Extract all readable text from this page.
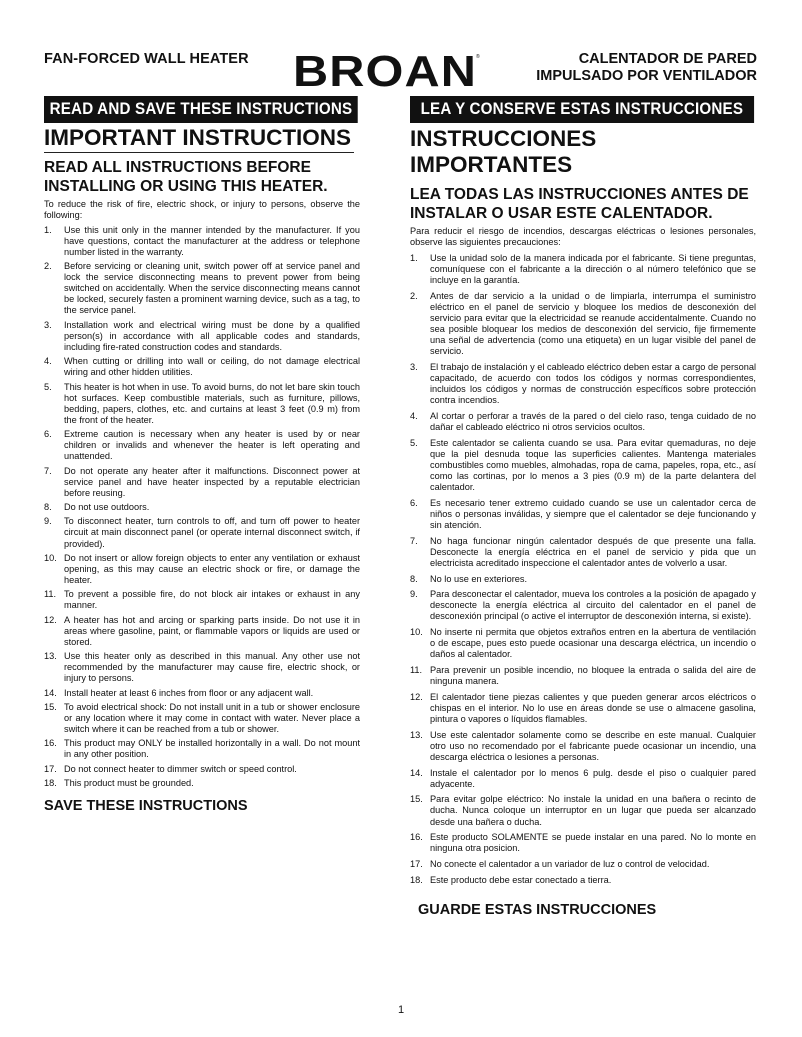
FAN-FORCED WALL HEATER BROAN ®	CALENTADOR DE PARED
IMPULSADO POR VENTILADOR
READ AND SAVE THESE INSTRUCTIONS
IMPORTANT INSTRUCTIONS
READ ALL INSTRUCTIONS BEFORE INSTALLING OR USING THIS HEATER.
To reduce the risk of fire, electric shock, or injury to persons, observe the following:
1. Use this unit only in the manner intended by the manufacturer. If you have questions, contact the manufacturer at the address or telephone number listed in the warranty.
2. Before servicing or cleaning unit, switch power off at service panel and lock the service disconnecting means to prevent power from being switched on accidentally. When the service disconnecting means cannot be locked, securely fasten a prominent warning device, such as a tag, to the service panel.
3. Installation work and electrical wiring must be done by a qualified person(s) in accordance with all applicable codes and standards, including fire-rated construction codes and standards.
4. When cutting or drilling into wall or ceiling, do not damage electrical wiring and other hidden utilities.
5. This heater is hot when in use. To avoid burns, do not let bare skin touch hot surfaces. Keep combustible materials, such as furniture, pillows, bedding, papers, clothes, etc. and curtains at least 3 feet (0.9 m) from the front of the heater.
6. Extreme caution is necessary when any heater is used by or near children or invalids and whenever the heater is left operating and unattended.
7. Do not operate any heater after it malfunctions. Disconnect power at service panel and have heater inspected by a reputable electrician before reusing.
8. Do not use outdoors.
9. To disconnect heater, turn controls to off, and turn off power to heater circuit at main disconnect panel (or operate internal disconnect switch, if provided).
10. Do not insert or allow foreign objects to enter any ventilation or exhaust opening, as this may cause an electric shock or fire, or damage the heater.
11. To prevent a possible fire, do not block air intakes or exhaust in any manner.
12. A heater has hot and arcing or sparking parts inside. Do not use it in areas where gasoline, paint, or flammable vapors or liquids are used or stored.
13. Use this heater only as described in this manual. Any other use not recommended by the manufacturer may cause fire, electric shock, or injury to persons.
14. Install heater at least 6 inches from floor or any adjacent wall.
15. To avoid electrical shock: Do not install unit in a tub or shower enclosure or any location where it may come in contact with water. Never place a switch where it can be reached from a tub or shower.
16. This product may ONLY be installed horizontally in a wall. Do not mount in any other position.
17. Do not connect heater to dimmer switch or speed control.
18. This product must be grounded.
SAVE THESE INSTRUCTIONS
LEA Y CONSERVE ESTAS INSTRUCCIONES
INSTRUCCIONES
IMPORTANTES
LEA TODAS LAS INSTRUCCIONES ANTES DE INSTALAR O USAR ESTE CALENTADOR.
Para reducir el riesgo de incendios, descargas eléctricas o lesiones personales, observe las siguientes precauciones:
1. Use la unidad solo de la manera indicada por el fabricante. Si tiene preguntas, comuníquese con el fabricante a la dirección o al número telefónico que se incluye en la garantía.
2. Antes de dar servicio a la unidad o de limpiarla, interrumpa el suministro eléctrico en el panel de servicio y bloquee los medios de desconexión del servicio para evitar que la electricidad se reanude accidentalmente. Cuando no sea posible bloquear los medios de desconexión del servicio, fije firmemente una señal de advertencia (como una etiqueta) en un lugar visible del panel de servicio.
3. El trabajo de instalación y el cableado eléctrico deben estar a cargo de personal capacitado, de acuerdo con todos los códigos y normas correspondientes, incluidos los códigos y normas de construcción específicos sobre protección contra incendios.
4. Al cortar o perforar a través de la pared o del cielo raso, tenga cuidado de no dañar el cableado eléctrico ni otros servicios ocultos.
5. Este calentador se calienta cuando se usa. Para evitar quemaduras, no deje que la piel desnuda toque las superficies calientes. Mantenga materiales combustibles como muebles, almohadas, ropa de cama, papeles, ropa, etc., así como las cortinas, por lo menos a 3 pies (0.9 m) de la parte delantera del calentador.
6. Es necesario tener extremo cuidado cuando se use un calentador cerca de niños o personas inválidas, y siempre que el calentador se deje funcionando y sin atención.
7. No haga funcionar ningún calentador después de que presente una falla. Desconecte la energía eléctrica en el panel de servicio y pida que un electricista acreditado inspeccione el calentador antes de volverlo a usar.
8. No lo use en exteriores.
9. Para desconectar el calentador, mueva los controles a la posición de apagado y desconecte la energía eléctrica al circuito del calentador en el panel de desconexión principal (o active el interruptor de desconexión interna, si existe).
10. No inserte ni permita que objetos extraños entren en la abertura de ventilación o de escape, pues esto puede ocasionar una descarga eléctrica, un incendio o daños al calentador.
11. Para prevenir un posible incendio, no bloquee la entrada o salida del aire de ninguna manera.
12. El calentador tiene piezas calientes y que pueden generar arcos eléctricos o chispas en el interior. No lo use en áreas donde se use o almacene gasolina, pintura o vapores o líquidos flamables.
13. Use este calentador solamente como se describe en este manual. Cualquier otro uso no recomendado por el fabricante puede ocasionar un incendio, una descarga eléctrica o lesiones a personas.
14. Instale el calentador por lo menos 6 pulg. desde el piso o cualquier pared adyacente.
15. Para evitar golpe eléctrico: No instale la unidad en una bañera o recinto de ducha. Nunca coloque un interruptor en un lugar que pueda ser alcanzado desde una bañera o ducha.
16. Este producto SOLAMENTE se puede instalar en una pared. No lo monte en ninguna otra posicion.
17. No conecte el calentador a un variador de luz o control de velocidad.
18. Este producto debe estar conectado a tierra.
GUARDE ESTAS INSTRUCCIONES
1
